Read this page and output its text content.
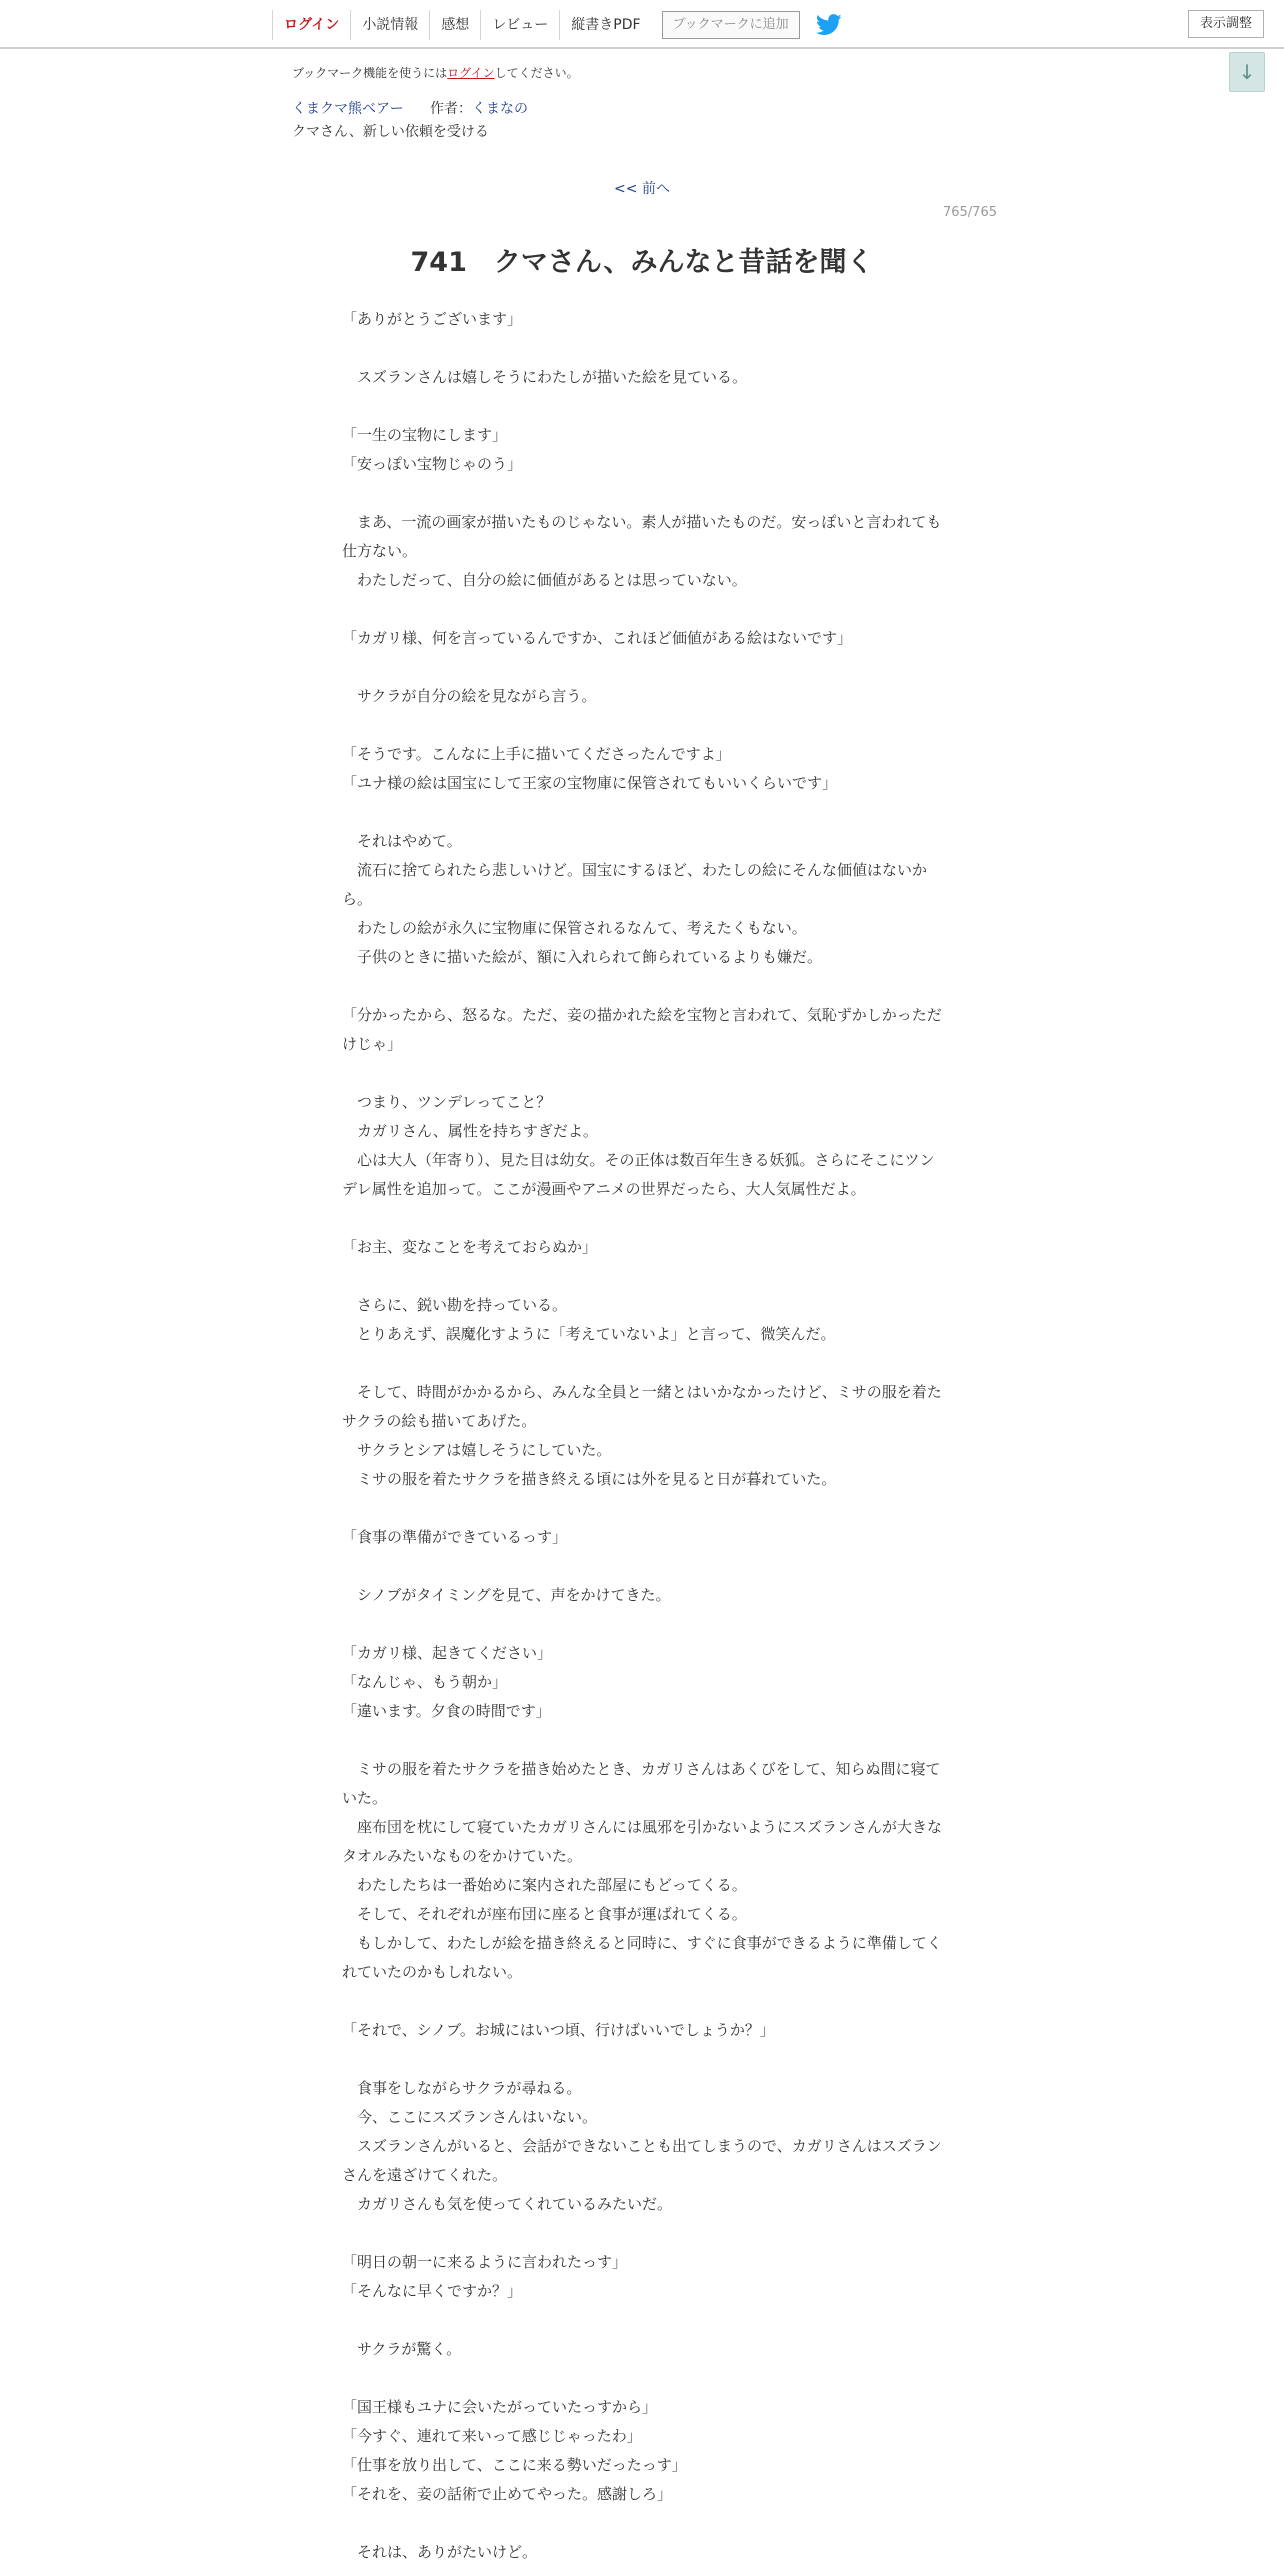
ログイン	小説情報	感想	レビュー	縦書きPDF	ブックマークに追加	表示調整
↓
ブックマーク機能を使うにはログインしてください。
くまクマ熊ベアー 作者：くまなの
クマさん、新しい依頼を受ける
<< 前へ
765/765
741　クマさん、みんなと昔話を聞く

「ありがとうございます」

　スズランさんは嬉しそうにわたしが描いた絵を見ている。

「一生の宝物にします」

「安っぽい宝物じゃのう」

　まあ、一流の画家が描いたものじゃない。素人が描いたものだ。安っぽいと言われても仕方ない。

　わたしだって、自分の絵に価値があるとは思っていない。

「カガリ様、何を言っているんですか、これほど価値がある絵はないです」

　サクラが自分の絵を見ながら言う。

「そうです。こんなに上手に描いてくださったんですよ」

「ユナ様の絵は国宝にして王家の宝物庫に保管されてもいいくらいです」

　それはやめて。

　流石に捨てられたら悲しいけど。国宝にするほど、わたしの絵にそんな価値はないから。

　わたしの絵が永久に宝物庫に保管されるなんて、考えたくもない。

　子供のときに描いた絵が、額に入れられて飾られているよりも嫌だ。

「分かったから、怒るな。ただ、妾の描かれた絵を宝物と言われて、気恥ずかしかっただけじゃ」

　つまり、ツンデレってこと？

　カガリさん、属性を持ちすぎだよ。

　心は大人（年寄り）、見た目は幼女。その正体は数百年生きる妖狐。さらにそこにツンデレ属性を追加って。ここが漫画やアニメの世界だったら、大人気属性だよ。

「お主、変なことを考えておらぬか」

　さらに、鋭い勘を持っている。

　とりあえず、誤魔化すように「考えていないよ」と言って、微笑んだ。

　そして、時間がかかるから、みんな全員と一緒とはいかなかったけど、ミサの服を着たサクラの絵も描いてあげた。

　サクラとシアは嬉しそうにしていた。

　ミサの服を着たサクラを描き終える頃には外を見ると日が暮れていた。

「食事の準備ができているっす」

　シノブがタイミングを見て、声をかけてきた。

「カガリ様、起きてください」

「なんじゃ、もう朝か」

「違います。夕食の時間です」

　ミサの服を着たサクラを描き始めたとき、カガリさんはあくびをして、知らぬ間に寝ていた。

　座布団を枕にして寝ていたカガリさんには風邪を引かないようにスズランさんが大きなタオルみたいなものをかけていた。

　わたしたちは一番始めに案内された部屋にもどってくる。

　そして、それぞれが座布団に座ると食事が運ばれてくる。

　もしかして、わたしが絵を描き終えると同時に、すぐに食事ができるように準備してくれていたのかもしれない。

「それで、シノブ。お城にはいつ頃、行けばいいでしょうか？」

　食事をしながらサクラが尋ねる。

　今、ここにスズランさんはいない。

　スズランさんがいると、会話ができないことも出てしまうので、カガリさんはスズランさんを遠ざけてくれた。

　カガリさんも気を使ってくれているみたいだ。

「明日の朝一に来るように言われたっす」

「そんなに早くですか？」

　サクラが驚く。

「国王様もユナに会いたがっていたっすから」

「今すぐ、連れて来いって感じじゃったわ」

「仕事を放り出して、ここに来る勢いだったっす」

「それを、妾の話術で止めてやった。感謝しろ」

　それは、ありがたいけど。
